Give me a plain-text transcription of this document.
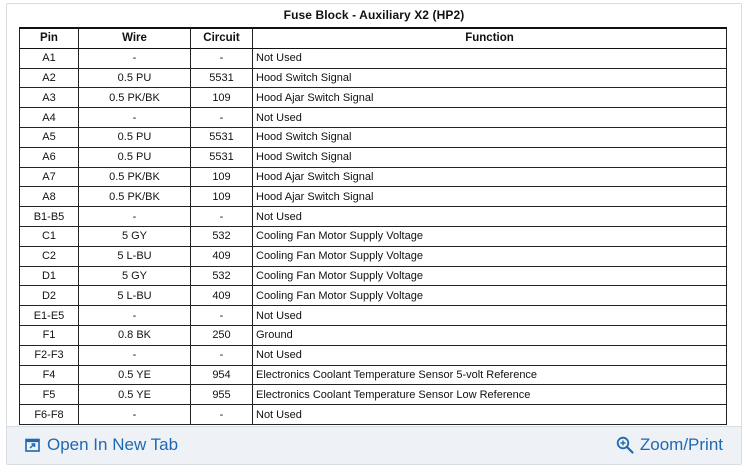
Fuse Block - Auxiliary X2 (HP2)
Pin	Wire	Circuit	Function
A1	-	-	Not Used
A2	0.5 PU	5531	Hood Switch Signal
A3	0.5 PK/BK	109	Hood Ajar Switch Signal
A4	-	-	Not Used
A5	0.5 PU	5531	Hood Switch Signal
A6	0.5 PU	5531	Hood Switch Signal
A7	0.5 PK/BK	109	Hood Ajar Switch Signal
A8	0.5 PK/BK	109	Hood Ajar Switch Signal
B1-B5	-	-	Not Used
C1	5 GY	532	Cooling Fan Motor Supply Voltage
C2	5 L-BU	409	Cooling Fan Motor Supply Voltage
D1	5 GY	532	Cooling Fan Motor Supply Voltage
D2	5 L-BU	409	Cooling Fan Motor Supply Voltage
E1-E5	-	-	Not Used
F1	0.8 BK	250	Ground
F2-F3	-	-	Not Used
F4	0.5 YE	954	Electronics Coolant Temperature Sensor 5-volt Reference
F5	0.5 YE	955	Electronics Coolant Temperature Sensor Low Reference
F6-F8	-	-	Not Used
Open In New Tab	Zoom/Print
